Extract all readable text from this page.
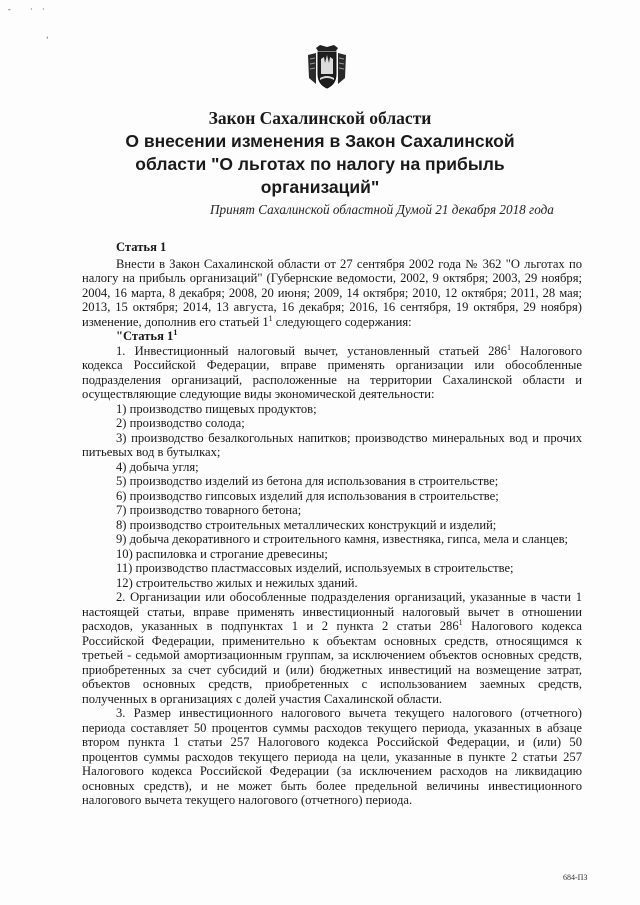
- · ·
‘
Закон Сахалинской области
О внесении изменения в Закон Сахалинской
области "О льготах по налогу на прибыль
организаций"
Принят Сахалинской областной Думой 21 декабря 2018 года

Статья 1

Внести в Закон Сахалинской области от 27 сентября 2002 года № 362 "О льготах по налогу на прибыль организаций" (Губернские ведомости, 2002, 9 октября; 2003, 29 ноября; 2004, 16 марта, 8 декабря; 2008, 20 июня; 2009, 14 октября; 2010, 12 октября; 2011, 28 мая; 2013, 15 октября; 2014, 13 августа, 16 декабря; 2016, 16 сентября, 19 октября, 29 ноября) изменение, дополнив его статьей $1^1$ следующего содержания:

"Статья $1^1$

1. Инвестиционный налоговый вычет, установленный статьей $286^1$ Налогового кодекса Российской Федерации, вправе применять организации или обособленные подразделения организаций, расположенные на территории Сахалинской области и осуществляющие следующие виды экономической деятельности:

1) производство пищевых продуктов;

2) производство солода;

3) производство безалкогольных напитков; производство минеральных вод и прочих питьевых вод в бутылках;

4) добыча угля;

5) производство изделий из бетона для использования в строительстве;

6) производство гипсовых изделий для использования в строительстве;

7) производство товарного бетона;

8) производство строительных металлических конструкций и изделий;

9) добыча декоративного и строительного камня, известняка, гипса, мела и сланцев;

10) распиловка и строгание древесины;

11) производство пластмассовых изделий, используемых в строительстве;

12) строительство жилых и нежилых зданий.

2. Организации или обособленные подразделения организаций, указанные в части 1 настоящей статьи, вправе применять инвестиционный налоговый вычет в отношении расходов, указанных в подпунктах 1 и 2 пункта 2 статьи $286^1$ Налогового кодекса Российской Федерации, применительно к объектам основных средств, относящимся к третьей - седьмой амортизационным группам, за исключением объектов основных средств, приобретенных за счет субсидий и (или) бюджетных инвестиций на возмещение затрат, объектов основных средств, приобретенных с использованием заемных средств, полученных в организациях с долей участия Сахалинской области.

3. Размер инвестиционного налогового вычета текущего налогового (отчетного) периода составляет 50 процентов суммы расходов текущего периода, указанных в абзаце втором пункта 1 статьи 257 Налогового кодекса Российской Федерации, и (или) 50 процентов суммы расходов текущего периода на цели, указанные в пункте 2 статьи 257 Налогового кодекса Российской Федерации (за исключением расходов на ликвидацию основных средств), и не может быть более предельной величины инвестиционного налогового вычета текущего налогового (отчетного) периода.

684-ПЗ
